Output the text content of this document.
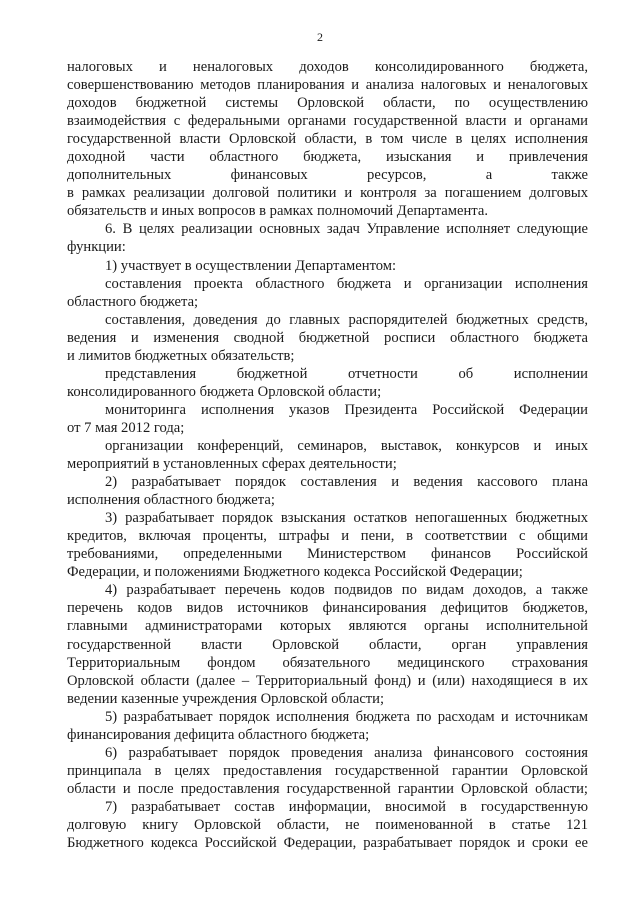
2
налоговых и неналоговых доходов консолидированного бюджета,
совершенствованию методов планирования и анализа налоговых и неналоговых
доходов бюджетной системы Орловской области, по осуществлению
взаимодействия с федеральными органами государственной власти и органами
государственной власти Орловской области, в том числе в целях исполнения
доходной части областного бюджета, изыскания и привлечения
дополнительных финансовых ресурсов, а также
в рамках реализации долговой политики и контроля за погашением долговых
обязательств и иных вопросов в рамках полномочий Департамента.
6. В целях реализации основных задач Управление исполняет следующие
функции:
1) участвует в осуществлении Департаментом:
составления проекта областного бюджета и организации исполнения
областного бюджета;
составления, доведения до главных распорядителей бюджетных средств,
ведения и изменения сводной бюджетной росписи областного бюджета
и лимитов бюджетных обязательств;
представления бюджетной отчетности об исполнении
консолидированного бюджета Орловской области;
мониторинга исполнения указов Президента Российской Федерации
от 7 мая 2012 года;
организации конференций, семинаров, выставок, конкурсов и иных
мероприятий в установленных сферах деятельности;
2) разрабатывает порядок составления и ведения кассового плана
исполнения областного бюджета;
3) разрабатывает порядок взыскания остатков непогашенных бюджетных
кредитов, включая проценты, штрафы и пени, в соответствии с общими
требованиями, определенными Министерством финансов Российской
Федерации, и положениями Бюджетного кодекса Российской Федерации;
4) разрабатывает перечень кодов подвидов по видам доходов, а также
перечень кодов видов источников финансирования дефицитов бюджетов,
главными администраторами которых являются органы исполнительной
государственной власти Орловской области, орган управления
Территориальным фондом обязательного медицинского страхования
Орловской области (далее – Территориальный фонд) и (или) находящиеся в их
ведении казенные учреждения Орловской области;
5) разрабатывает порядок исполнения бюджета по расходам и источникам
финансирования дефицита областного бюджета;
6) разрабатывает порядок проведения анализа финансового состояния
принципала в целях предоставления государственной гарантии Орловской
области и после предоставления государственной гарантии Орловской области;
7) разрабатывает состав информации, вносимой в государственную
долговую книгу Орловской области, не поименованной в статье 121
Бюджетного кодекса Российской Федерации, разрабатывает порядок и сроки ее
